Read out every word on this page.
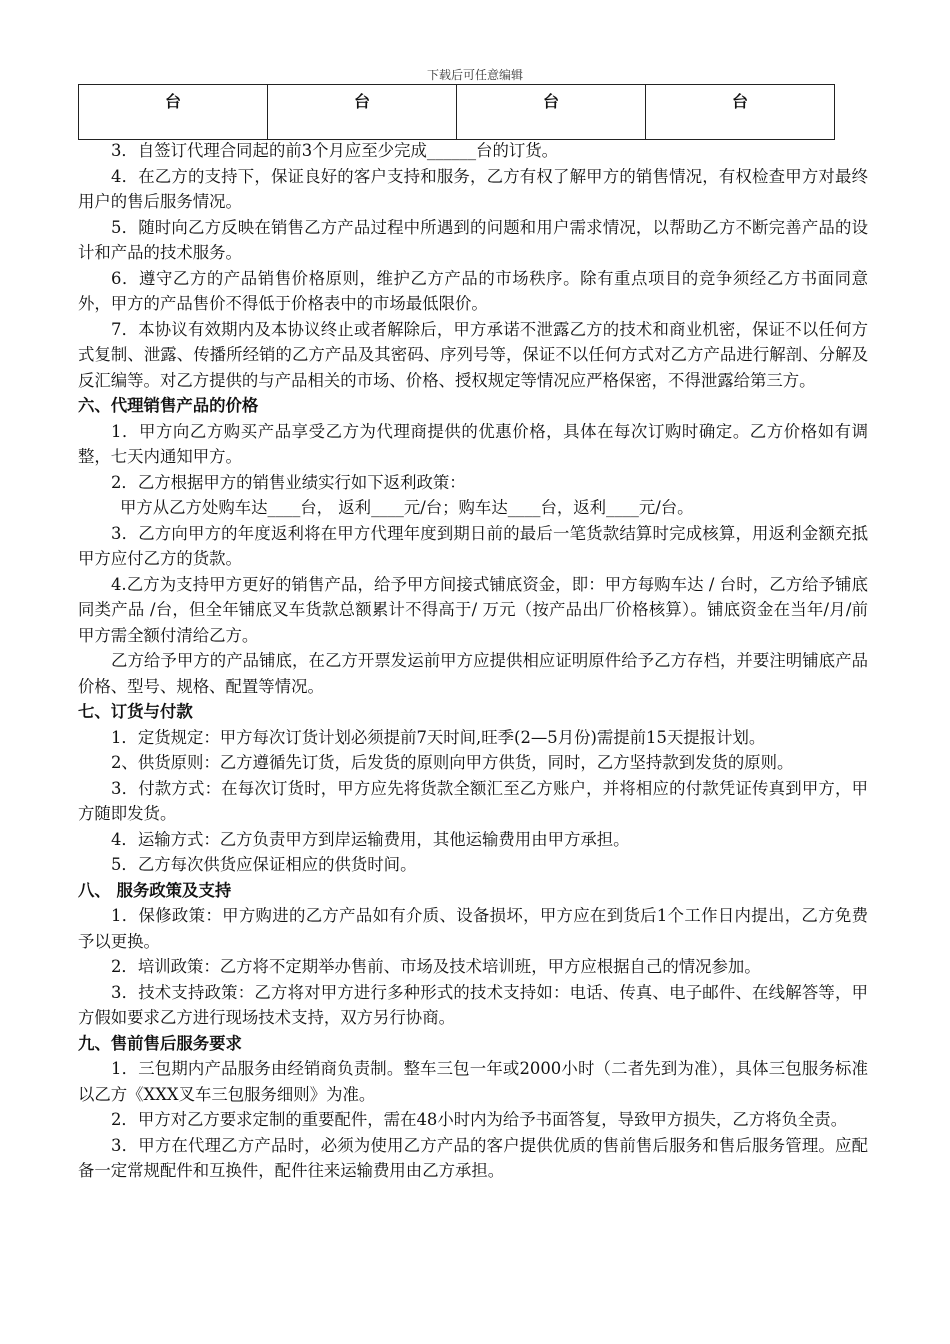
下载后可任意编辑
台	台	台	台

3．自签订代理合同起的前3个月应至少完成______台的订货。

4．在乙方的支持下，保证良好的客户支持和服务，乙方有权了解甲方的销售情况，有权检查甲方对最终用户的售后服务情况。

5．随时向乙方反映在销售乙方产品过程中所遇到的问题和用户需求情况，以帮助乙方不断完善产品的设计和产品的技术服务。

6．遵守乙方的产品销售价格原则，维护乙方产品的市场秩序。除有重点项目的竞争须经乙方书面同意外，甲方的产品售价不得低于价格表中的市场最低限价。

7．本协议有效期内及本协议终止或者解除后，甲方承诺不泄露乙方的技术和商业机密，保证不以任何方式复制、泄露、传播所经销的乙方产品及其密码、序列号等，保证不以任何方式对乙方产品进行解剖、分解及反汇编等。对乙方提供的与产品相关的市场、价格、授权规定等情况应严格保密，不得泄露给第三方。

六、代理销售产品的价格

1．甲方向乙方购买产品享受乙方为代理商提供的优惠价格，具体在每次订购时确定。乙方价格如有调整，七天内通知甲方。

2．乙方根据甲方的销售业绩实行如下返利政策：

甲方从乙方处购车达____台， 返利____元/台；购车达____台，返利____元/台。

3．乙方向甲方的年度返利将在甲方代理年度到期日前的最后一笔货款结算时完成核算，用返利金额充抵甲方应付乙方的货款。

4.乙方为支持甲方更好的销售产品，给予甲方间接式铺底资金，即：甲方每购车达 / 台时，乙方给予铺底同类产品 /台，但全年铺底叉车货款总额累计不得高于/ 万元（按产品出厂价格核算）。铺底资金在当年/月/前甲方需全额付清给乙方。

乙方给予甲方的产品铺底，在乙方开票发运前甲方应提供相应证明原件给予乙方存档，并要注明铺底产品价格、型号、规格、配置等情况。

七、订货与付款

1．定货规定：甲方每次订货计划必须提前7天时间,旺季(2—5月份)需提前15天提报计划。

2、供货原则：乙方遵循先订货，后发货的原则向甲方供货，同时，乙方坚持款到发货的原则。

3．付款方式：在每次订货时，甲方应先将货款全额汇至乙方账户，并将相应的付款凭证传真到甲方，甲方随即发货。

4．运输方式：乙方负责甲方到岸运输费用，其他运输费用由甲方承担。

5．乙方每次供货应保证相应的供货时间。

八、 服务政策及支持

1．保修政策：甲方购进的乙方产品如有介质、设备损坏，甲方应在到货后1个工作日内提出，乙方免费予以更换。

2．培训政策：乙方将不定期举办售前、市场及技术培训班，甲方应根据自己的情况参加。

3．技术支持政策：乙方将对甲方进行多种形式的技术支持如：电话、传真、电子邮件、在线解答等，甲方假如要求乙方进行现场技术支持，双方另行协商。

九、售前售后服务要求

1．三包期内产品服务由经销商负责制。整车三包一年或2000小时（二者先到为准），具体三包服务标准以乙方《XXX叉车三包服务细则》为准。

2．甲方对乙方要求定制的重要配件，需在48小时内为给予书面答复，导致甲方损失，乙方将负全责。

3．甲方在代理乙方产品时，必须为使用乙方产品的客户提供优质的售前售后服务和售后服务管理。应配备一定常规配件和互换件，配件往来运输费用由乙方承担。
